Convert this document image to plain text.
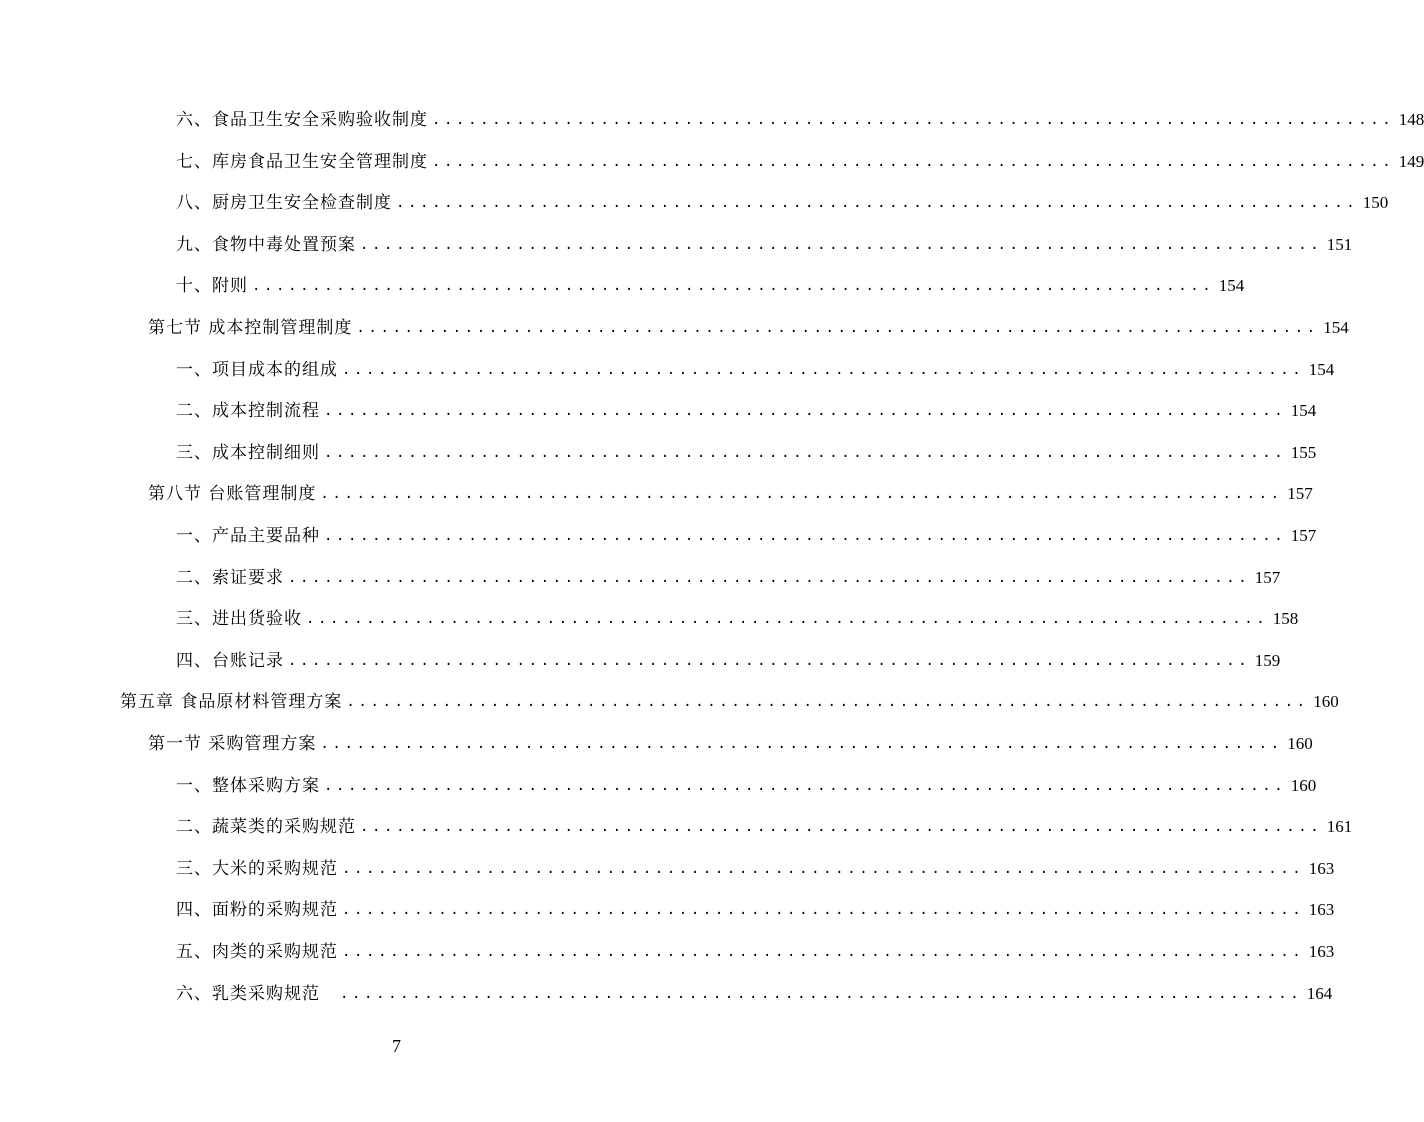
六、食品卫生安全采购验收制度 ................................................................................ 148
七、库房食品卫生安全管理制度 ................................................................................ 149
八、厨房卫生安全检查制度 ................................................................................ 150
九、食物中毒处置预案 ................................................................................ 151
十、附则 ................................................................................ 154
第七节 成本控制管理制度 ................................................................................ 154
一、项目成本的组成 ................................................................................ 154
二、成本控制流程 ................................................................................ 154
三、成本控制细则 ................................................................................ 155
第八节 台账管理制度 ................................................................................ 157
一、产品主要品种 ................................................................................ 157
二、索证要求 ................................................................................ 157
三、进出货验收 ................................................................................ 158
四、台账记录 ................................................................................ 159
第五章 食品原材料管理方案 ................................................................................ 160
第一节 采购管理方案 ................................................................................ 160
一、整体采购方案 ................................................................................ 160
二、蔬菜类的采购规范 ................................................................................ 161
三、大米的采购规范 ................................................................................ 163
四、面粉的采购规范 ................................................................................ 163
五、肉类的采购规范 ................................................................................ 163
六、乳类采购规范	................................................................................ 164
7
